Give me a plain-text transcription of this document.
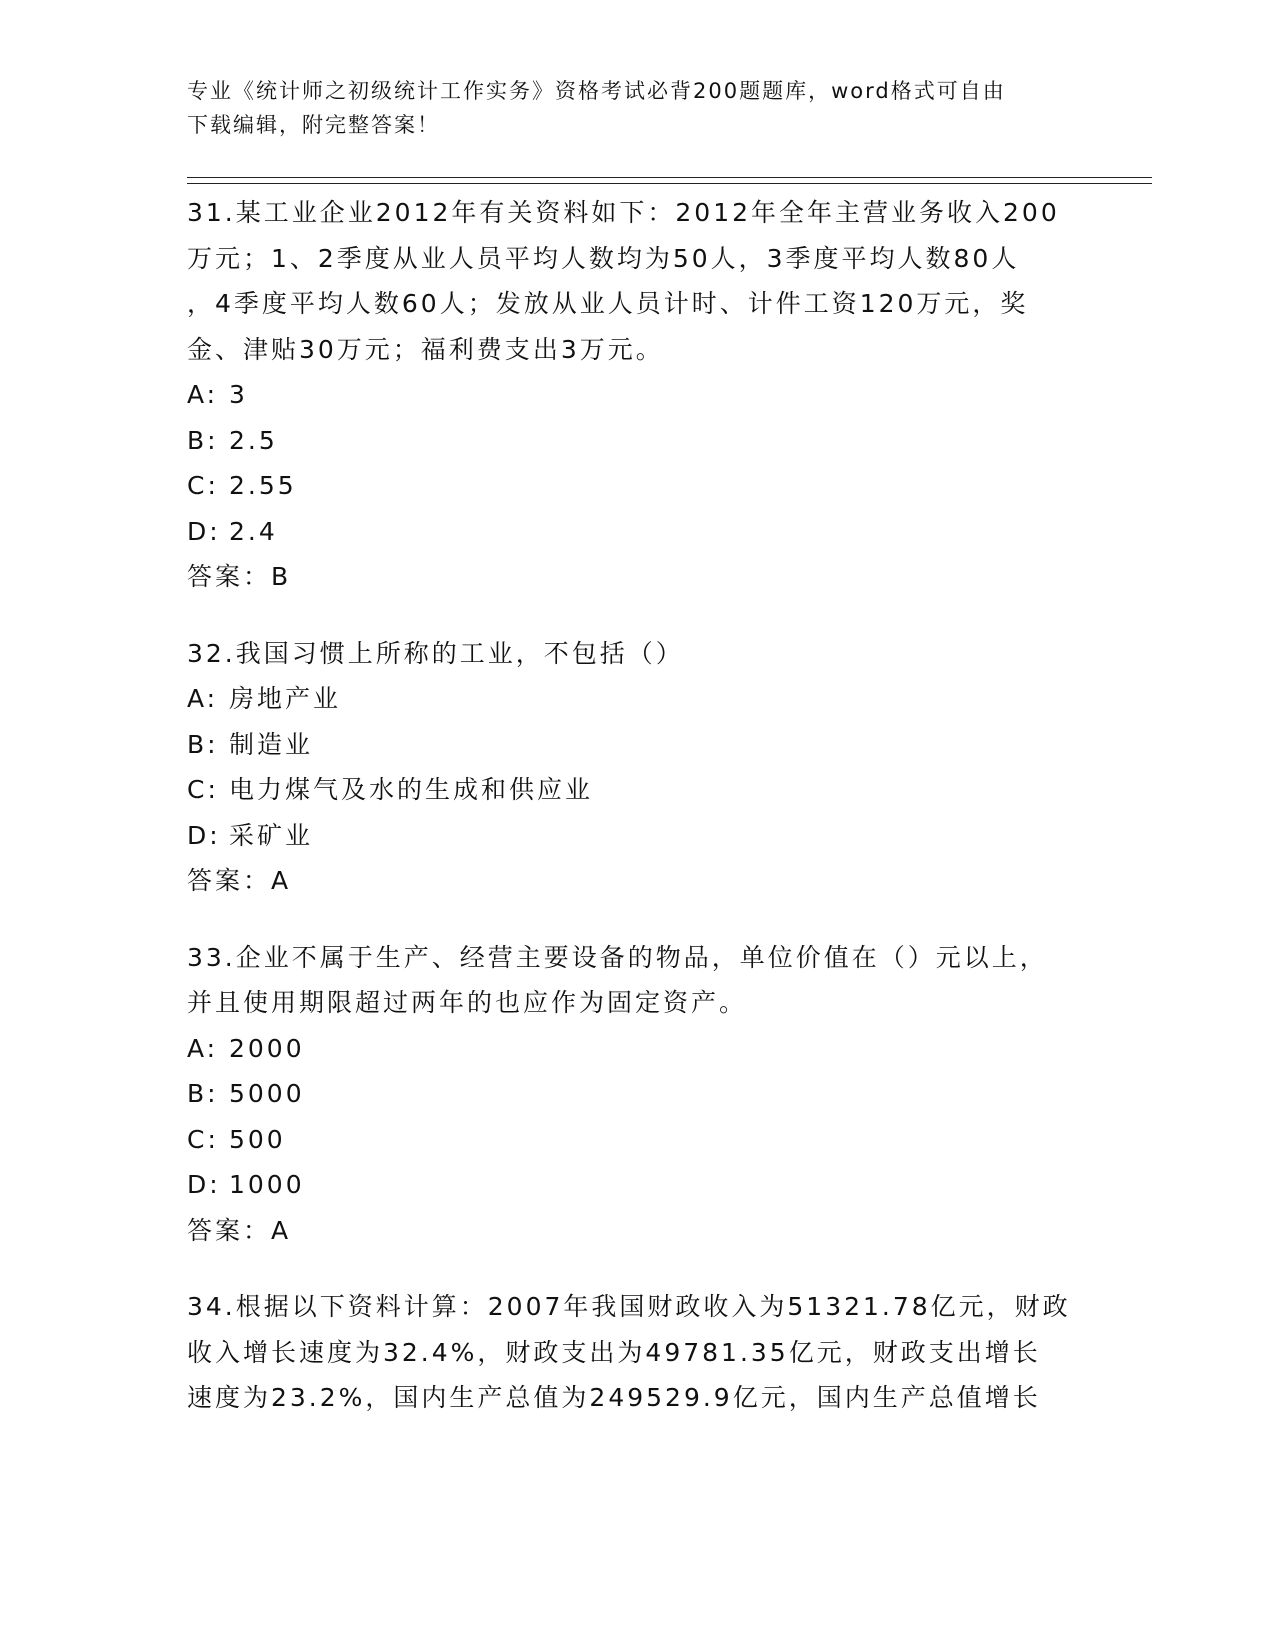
专业《统计师之初级统计工作实务》资格考试必背200题题库，word格式可自由
下载编辑，附完整答案！
31.某工业企业2012年有关资料如下：2012年全年主营业务收入200
万元；1、2季度从业人员平均人数均为50人，3季度平均人数80人
，4季度平均人数60人；发放从业人员计时、计件工资120万元，奖
金、津贴30万元；福利费支出3万元。
A: 3
B: 2.5
C: 2.55
D: 2.4
答案：B
32.我国习惯上所称的工业，不包括（）
A: 房地产业
B: 制造业
C: 电力煤气及水的生成和供应业
D: 采矿业
答案：A
33.企业不属于生产、经营主要设备的物品，单位价值在（）元以上，
并且使用期限超过两年的也应作为固定资产。
A: 2000
B: 5000
C: 500
D: 1000
答案：A
34.根据以下资料计算：2007年我国财政收入为51321.78亿元，财政
收入增长速度为32.4%，财政支出为49781.35亿元，财政支出增长
速度为23.2%，国内生产总值为249529.9亿元，国内生产总值增长
